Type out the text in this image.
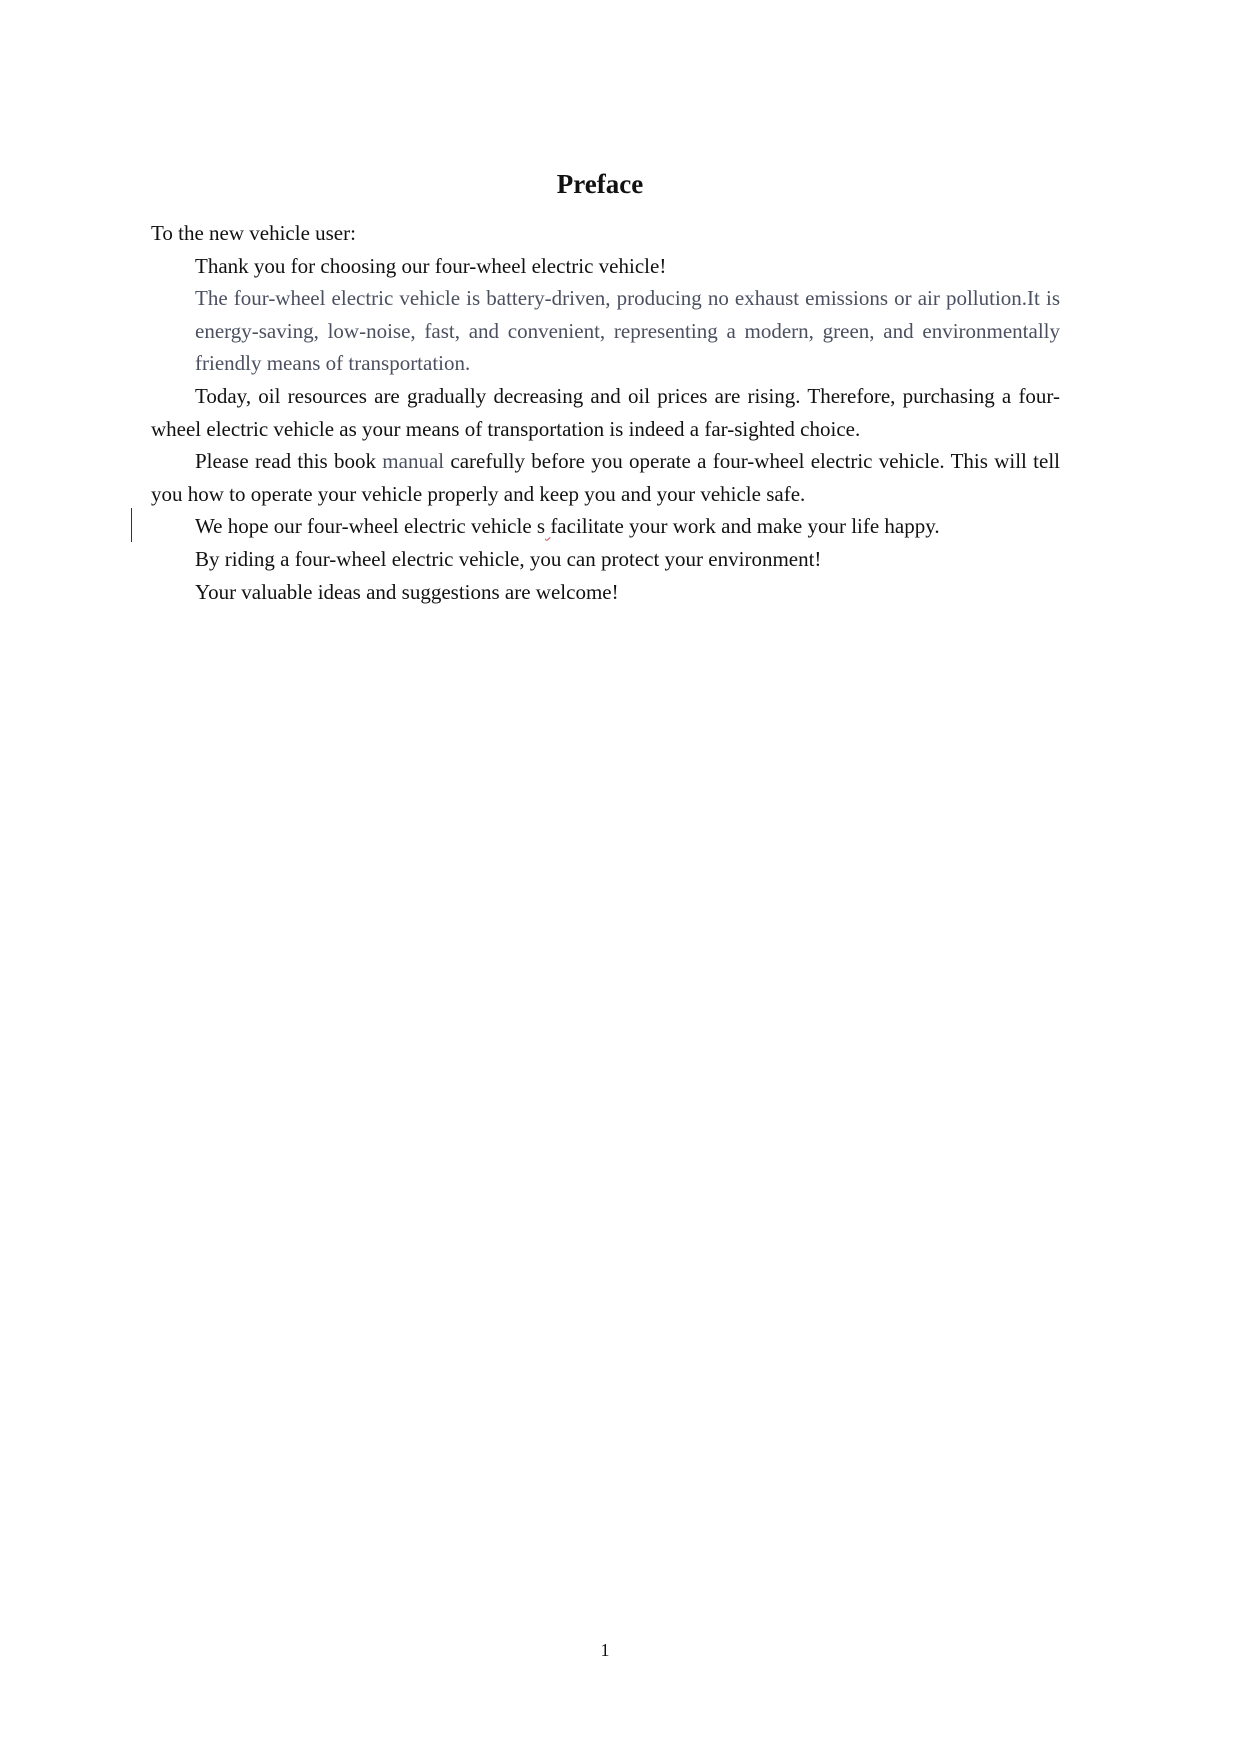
Preface

To the new vehicle user:

Thank you for choosing our four-wheel electric vehicle!

The four-wheel electric vehicle is battery-driven, producing no exhaust emissions or air pollution.It is energy-saving, low-noise, fast, and convenient, representing a modern, green, and environmentally friendly means of transportation.

Today, oil resources are gradually decreasing and oil prices are rising. Therefore, purchasing a four-wheel electric vehicle as your means of transportation is indeed a far-sighted choice.

Please read this book manual carefully before you operate a four-wheel electric vehicle. This will tell you how to operate your vehicle properly and keep you and your vehicle safe.

We hope our four-wheel electric vehicle s facilitate your work and make your life happy.

By riding a four-wheel electric vehicle, you can protect your environment!

Your valuable ideas and suggestions are welcome!

1
